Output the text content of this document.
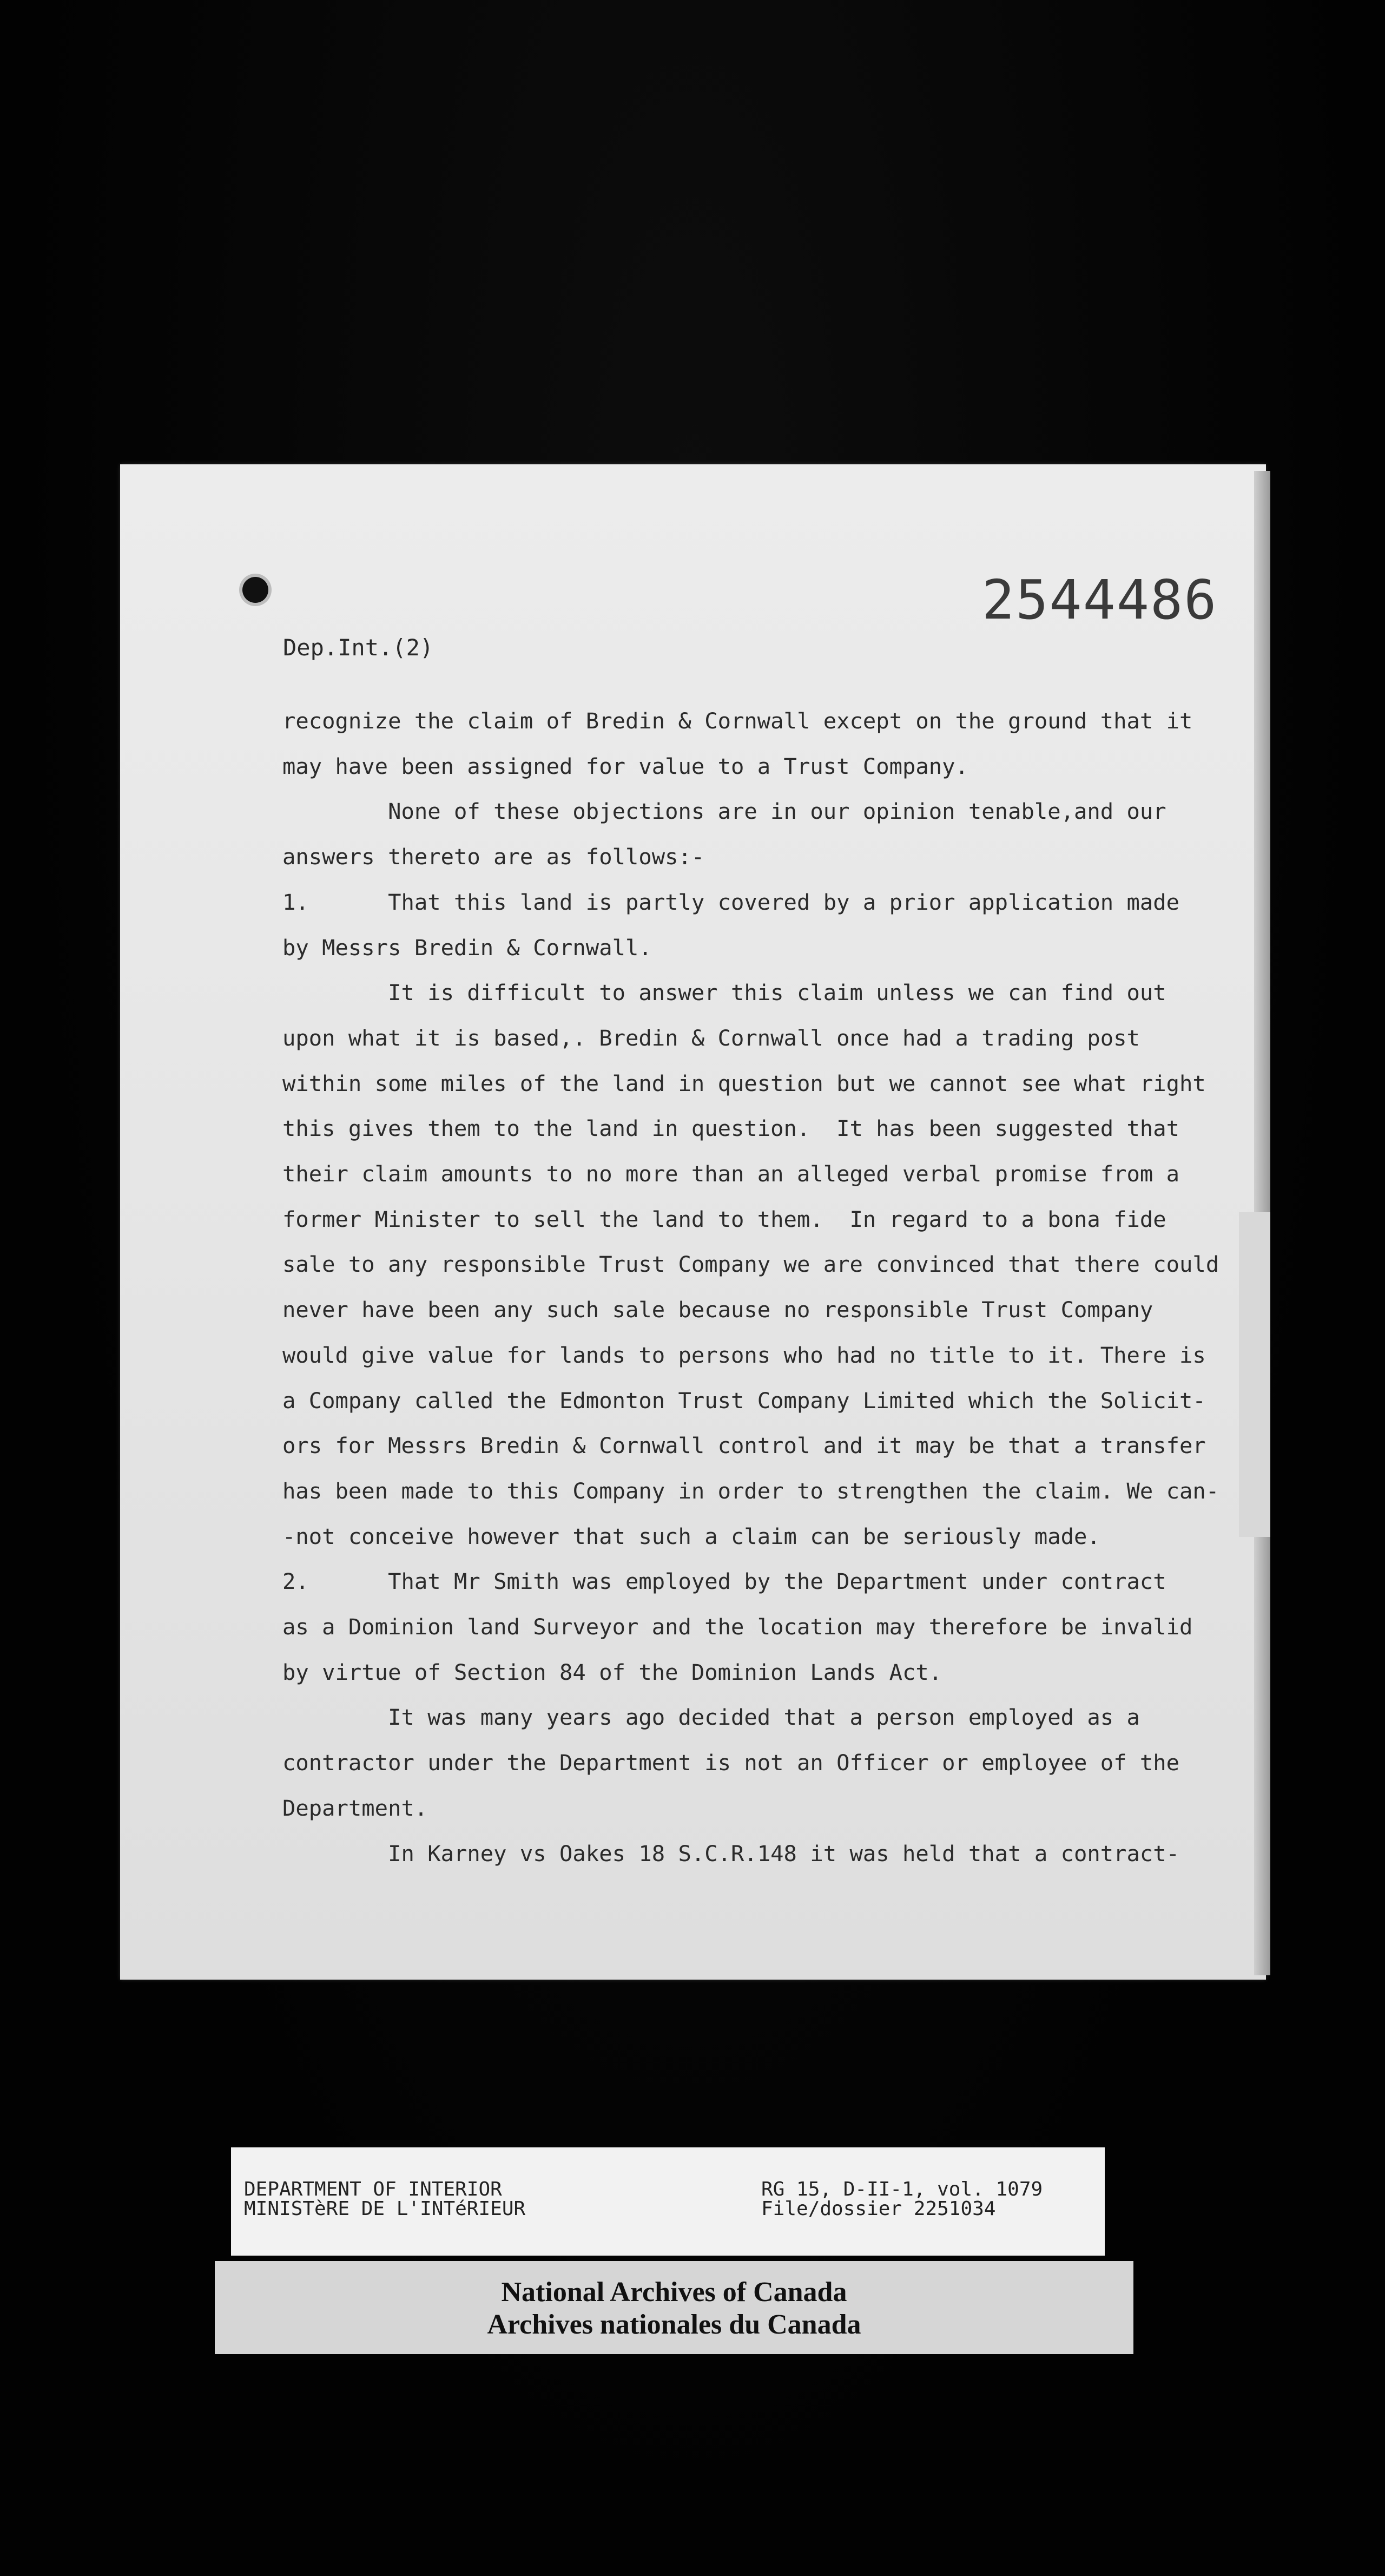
2544486
Dep.Int.(2)
recognize the claim of Bredin & Cornwall except on the ground that it
may have been assigned for value to a Trust Company.
None of these objections are in our opinion tenable,and our
answers thereto are as follows:-
1.      That this land is partly covered by a prior application made
by Messrs Bredin & Cornwall.
It is difficult to answer this claim unless we can find out
upon what it is based,. Bredin & Cornwall once had a trading post
within some miles of the land in question but we cannot see what right
this gives them to the land in question.  It has been suggested that
their claim amounts to no more than an alleged verbal promise from a
former Minister to sell the land to them.  In regard to a bona fide
sale to any responsible Trust Company we are convinced that there could
never have been any such sale because no responsible Trust Company
would give value for lands to persons who had no title to it. There is
a Company called the Edmonton Trust Company Limited which the Solicit-
ors for Messrs Bredin & Cornwall control and it may be that a transfer
has been made to this Company in order to strengthen the claim. We can-
-not conceive however that such a claim can be seriously made.
2.      That Mr Smith was employed by the Department under contract
as a Dominion land Surveyor and the location may therefore be invalid
by virtue of Section 84 of the Dominion Lands Act.
It was many years ago decided that a person employed as a
contractor under the Department is not an Officer or employee of the
Department.
In Karney vs Oakes 18 S.C.R.148 it was held that a contract-
DEPARTMENT OF INTERIOR
MINISTèRE DE L'INTéRIEUR
RG 15, D-II-1, vol. 1079
File/dossier 2251034
National Archives of Canada
Archives nationales du Canada
